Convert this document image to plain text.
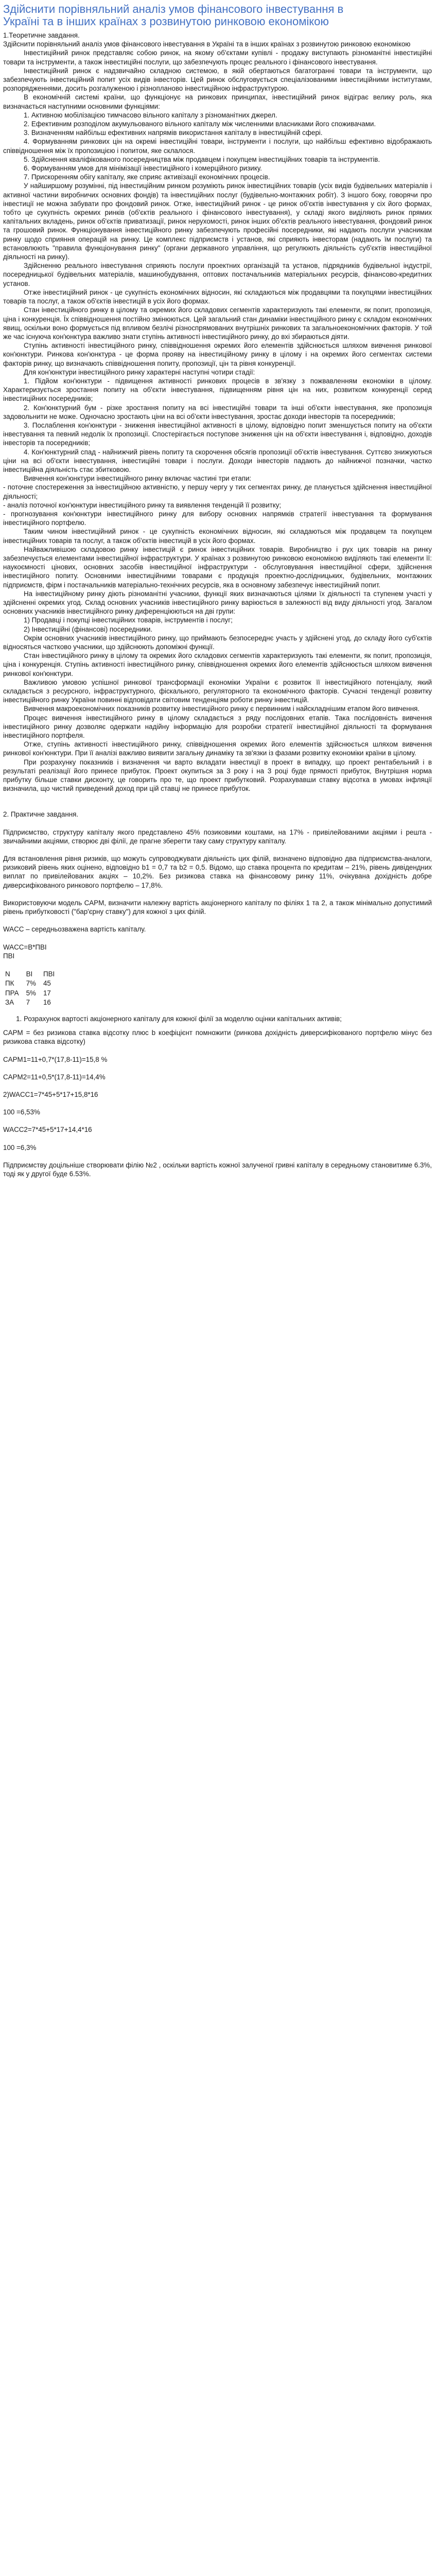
Здійснити порівняльний аналіз умов фінансового інвестування в
Україні та в інших країнах з розвинутою ринковою економікою

1.Теоретичне завдання.

Здійснити порівняльний аналіз умов фінансового інвестування в Україні та в інших країнах з розвинутою ринковою економікою

Інвестиційний ринок представляє собою ринок, на якому об'єктами купівлі - продажу виступають різноманітні інвестиційні товари та інструменти, а також інвестиційні послуги, що забезпечують процес реального і фінансового інвестування.

Інвестиційний ринок є надзвичайно складною системою, в якій обертаються багатогранні товари та інструменти, що забезпечують інвестиційний попит усіх видів інвесторів. Цей ринок обслуговується спеціалізованими інвестиційними інститутами, розпорядженнями, досить розгалуженою і різнопланово інвестиційною інфраструктурою.

В економічній системі країни, що функціонує на ринкових принципах, інвестиційний ринок відіграє велику роль, яка визначається наступними основними функціями:

1. Активною мобілізацією тимчасово вільного капіталу з різноманітних джерел.

2. Ефективним розподілом акумульованого вільного капіталу між численними власниками його споживачами.

3. Визначенням найбільш ефективних напрямів використання капіталу в інвестиційній сфері.

4. Формуванням ринкових цін на окремі інвестиційні товари, інструменти і послуги, що найбільш ефективно відображають співвідношення між їх пропозицією і попитом, яке склалося.

5. Здійснення кваліфікованого посередництва між продавцем і покупцем інвестиційних товарів та інструментів.

6. Формуванням умов для мінімізації інвестиційного і комерційного ризику.

7. Прискоренням обігу капіталу, яке сприяє активізації економічних процесів.

У найширшому розумінні, під інвестиційним ринком розуміють ринок інвестиційних товарів (усіх видів будівельних матеріалів і активної частини виробничих основних фондів) та інвестиційних послуг (будівельно-монтажних робіт). З іншого боку, говорячи про інвестиції не можна забувати про фондовий ринок. Отже, інвестиційний ринок - це ринок об'єктів інвестування у сіх його формах, тобто це сукупність окремих ринків (об'єктів реального і фінансового інвестування), у складі якого виділяють ринок прямих капітальних вкладень, ринок об'єктів приватизації, ринок нерухомості, ринок інших об'єктів реального інвестування, фондовий ринок та грошовий ринок. Функціонування інвестиційного ринку забезпечують професійні посередники, які надають послуги учасникам ринку щодо сприяння операцій на ринку. Це комплекс підприємств і установ, які сприяють інвесторам (надають їм послуги) та встановлюють "правила функціонування ринку" (органи державного управління, що регулюють діяльність суб'єктів інвестиційної діяльності на ринку).

Здійсненню реального інвестування сприяють послуги проектних організацій та установ, підрядників будівельної індустрії, посередницької будівельних матеріалів, машинобудування, оптових постачальників матеріальних ресурсів, фінансово-кредитних установ.

Отже інвестиційний ринок - це сукупність економічних відносин, які складаються між продавцями та покупцями інвестиційних товарів та послуг, а також об'єктів інвестицій в усіх його формах.

Стан інвестиційного ринку в цілому та окремих його складових сегментів характеризують такі елементи, як попит, пропозиція, ціна і конкуренція. Їх співвідношення постійно змінюються. Цей загальний стан динаміки інвестиційного ринку є складом економічних явищ, оскільки воно формується під впливом безлічі різноспрямованих внутрішніх ринкових та загальноекономічних факторів. У той же час існуюча кон'юнктура важливо знати ступінь активності інвестиційного ринку, до вхі збираються діяти.

Ступінь активності інвестиційного ринку, співвідношення окремих його елементів здійснюється шляхом вивчення ринкової кон'юнктури. Ринкова кон'юнктура - це форма прояву на інвестиційному ринку в цілому і на окремих його сегментах системи факторів ринку, що визначають співвідношення попиту, пропозиції, цін та рівня конкуренції.

Для кон'юнктури інвестиційного ринку характерні наступні чотири стадії:

1. Підйом кон'юнктури - підвищення активності ринкових процесів в зв'язку з пожвавленням економіки в цілому. Характеризується зростання попиту на об'єкти інвестування, підвищенням рівня цін на них, розвитком конкуренції серед інвестиційних посередників;

2. Кон'юнктурний бум - різке зростання попиту на всі інвестиційні товари та інші об'єкти інвестування, яке пропозиція задовольнити не може. Одночасно зростають ціни на всі об'єкти інвестування, зростає доходи інвесторів та посередників;

3. Послаблення кон'юнктури - зниження інвестиційної активності в цілому, відповідно попит зменшується попиту на об'єкти інвестування та певний недолік їх пропозиції. Спостерігається поступове зниження цін на об'єкти інвестування і, відповідно, доходів інвесторів та посередників;

4. Кон'юнктурний спад - найнижчий рівень попиту та скорочення обсягів пропозиції об'єктів інвестування. Суттєво знижуються ціни на всі об'єкти інвестування, інвестиційні товари і послуги. Доходи інвесторів падають до найнижчої позначки, частко інвестиційна діяльність стає збитковою.

Вивчення кон'юнктури інвестиційного ринку включає частині три етапи:

- поточне спостереження за інвестиційною активністю, у першу чергу у тих сегментах ринку, де планується здійснення інвестиційної діяльності;

- аналіз поточної кон'юнктури інвестиційного ринку та виявлення тенденцій її розвитку;

- прогнозування кон'юнктури інвестиційного ринку для вибору основних напрямків стратегії інвестування та формування інвестиційного портфелю.

Таким чином інвестиційний ринок - це сукупність економічних відносин, які складаються між продавцем та покупцем інвестиційних товарів та послуг, а також об'єктів інвестицій в усіх його формах.

Найважливішою складовою ринку інвестицій є ринок інвестиційних товарів. Виробництво і рух цих товарів на ринку забезпечується елементами інвестиційної інфраструктури. У країнах з розвинутою ринковою економікою виділяють такі елементи її: наукоємності цінових, основних засобів інвестиційної інфраструктури - обслуговування інвестиційної сфери, здійснення інвестиційного попиту. Основними інвестиційними товарами є продукція проектно-дослідницьких, будівельних, монтажних підприємств, фірм і постачальників матеріально-технічних ресурсів, яка в основному забезпечує інвестиційний попит.

На інвестиційному ринку діють різноманітні учасники, функції яких визначаються цілями їх діяльності та ступенем участі у здійсненні окремих угод. Склад основних учасників інвестиційного ринку варіюється в залежності від виду діяльності угод. Загалом основних учасників інвестиційного ринку диференціюються на дві групи:

1) Продавці і покупці інвестиційних товарів, інструментів і послуг;

2) Інвестиційні (фінансові) посередники.

Окрім основних учасників інвестиційного ринку, що приймають безпосереднє участь у здійснені угод, до складу його суб'єктів відносяться частково учасники, що здійснюють допоміжні функції.

Стан інвестиційного ринку в цілому та окремих його складових сегментів характеризують такі елементи, як попит, пропозиція, ціна і конкуренція. Ступінь активності інвестиційного ринку, співвідношення окремих його елементів здійснюється шляхом вивчення ринкової кон'юнктури.

Важливою умовою успішної ринкової трансформації економіки України є розвиток її інвестиційного потенціалу, який складається з ресурсного, інфраструктурного, фіскального, регуляторного та економічного факторів. Сучасні тенденції розвитку інвестиційного ринку України повинні відповідати світовим тенденціям роботи ринку інвестицій.

Вивчення макроекономічних показників розвитку інвестиційного ринку є первинним і найскладнішим етапом його вивчення.

Процес вивчення інвестиційного ринку в цілому складається з ряду послідовних етапів. Така послідовність вивчення інвестиційного ринку дозволяє одержати надійну інформацію для розробки стратегії інвестиційної діяльності та формування інвестиційного портфеля.

Отже, ступінь активності інвестиційного ринку, співвідношення окремих його елементів здійснюється шляхом вивчення ринкової кон'юнктури. При її аналізі важливо виявити загальну динаміку та зв'язки із фазами розвитку економіки країни в цілому.

При розрахунку показників і визначення чи варто вкладати інвестиції в проект в випадку, що проект рентабельний і в результаті реалізації його принесе прибуток. Проект окупиться за 3 року і на 3 році буде прямості прибуток, Внутрішня норма прибутку більше ставки дисконту, це говорить про те, що проект прибутковий. Розрахувавши ставку відсотка в умовах інфляції визначила, що чистий приведений доход при цій ставці не принесе прибуток.

2. Практичне завдання.

Підприємство, структуру капіталу якого представлено 45% позиковими коштами, на 17% - привілейованими акціями і решта - звичайними акціями, створює дві філії, де прагне зберегти таку саму структуру капіталу.

Для встановлення рівня ризиків, що можуть супроводжувати діяльність цих філій, визначено відповідно два підприємства-аналоги, ризиковий рівень яких оцінено, відповідно b1 = 0,7 та b2 = 0,5. Відомо, що ставка процента по кредитам – 21%, рівень дивідендних виплат по привілейованих акціях – 10,2%. Без ризикова ставка на фінансовому ринку 11%, очікувана дохідність добре диверсифікованого ринкового портфелю – 17,8%.

Використовуючи модель CAPM, визначити належну вартість акціонерного капіталу по філіях 1 та 2, а також мінімально допустимий рівень прибутковості ("бар'єрну ставку") для кожної з цих філій.

WACC – середньозважена вартість капіталу.

WACC=В*ПВІ

ПВІ

N	ВІ	ПВІ
ПК	7%	45
ПРА	5%	17
ЗА	7	16
1. Розрахунок вартості акціонерного капіталу для кожної філії за моделлю оцінки капітальних активів;

CAPM = без ризикова ставка відсотку плюс b коефіцієнт помножити (ринкова дохідність диверсифікованого портфелю мінус без ризикова ставка відсотку)

CAPM1=11+0,7*(17,8-11)=15,8 %

CAPM2=11+0,5*(17,8-11)=14,4%

2)WACC1=7*45+5*17+15,8*16

100 =6,53%

WACC2=7*45+5*17+14,4*16

100 =6,3%

Підприємству доцільніше створювати філію №2 , оскільки вартість кожної залученої гривні капіталу в середньому становитиме 6.3%, тоді як у другої буде 6.53%.
